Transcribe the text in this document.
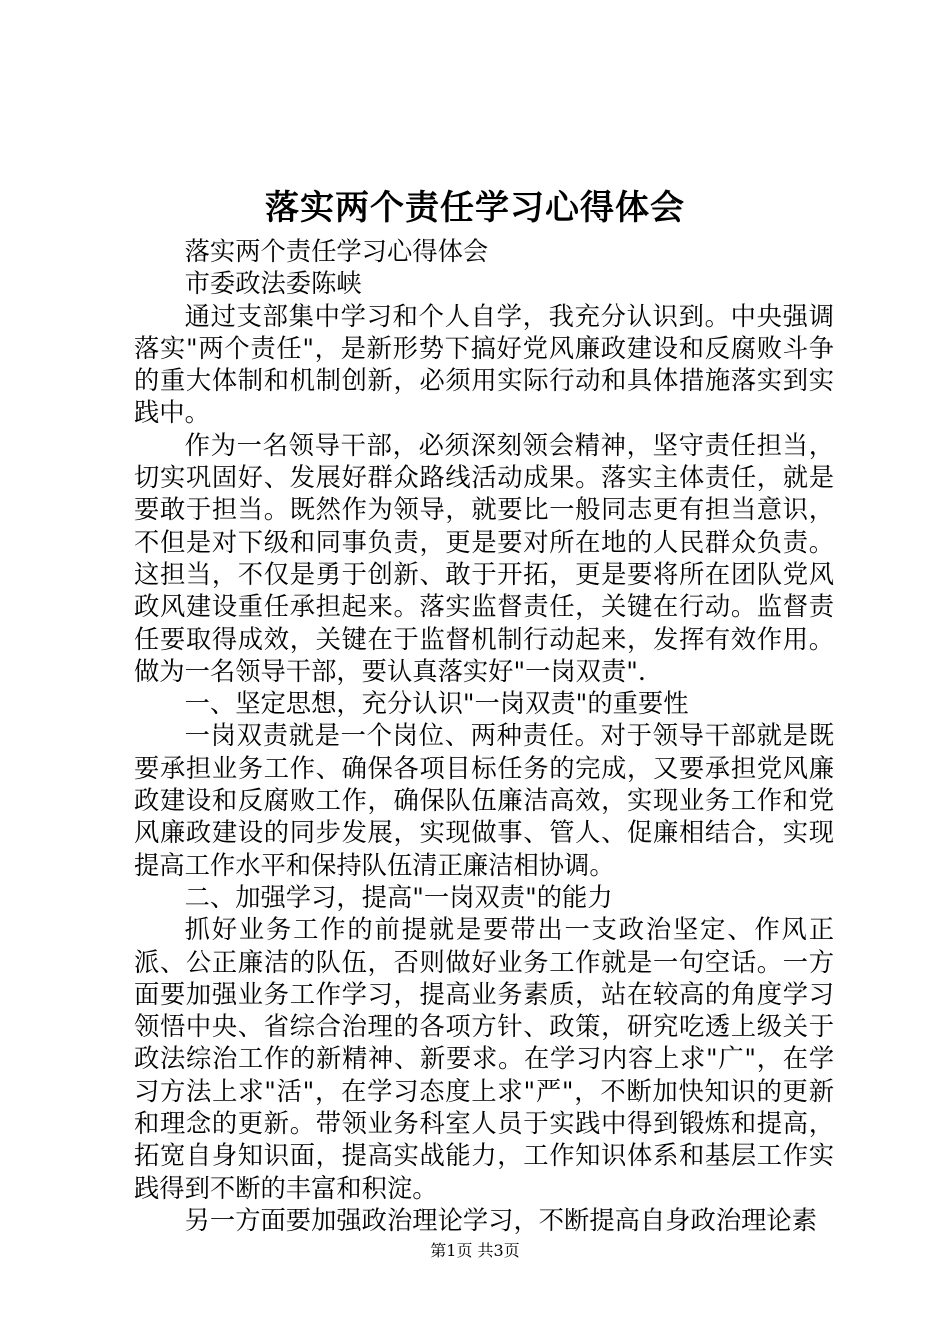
落实两个责任学习心得体会

落实两个责任学习心得体会

市委政法委陈峡

通过支部集中学习和个人自学，我充分认识到。中央强调落实"两个责任"，是新形势下搞好党风廉政建设和反腐败斗争的重大体制和机制创新，必须用实际行动和具体措施落实到实践中。

作为一名领导干部，必须深刻领会精神，坚守责任担当，切实巩固好、发展好群众路线活动成果。落实主体责任，就是要敢于担当。既然作为领导，就要比一般同志更有担当意识，不但是对下级和同事负责，更是要对所在地的人民群众负责。这担当，不仅是勇于创新、敢于开拓，更是要将所在团队党风政风建设重任承担起来。落实监督责任，关键在行动。监督责任要取得成效，关键在于监督机制行动起来，发挥有效作用。做为一名领导干部，要认真落实好"一岗双责".

一、坚定思想，充分认识"一岗双责"的重要性

一岗双责就是一个岗位、两种责任。对于领导干部就是既要承担业务工作、确保各项目标任务的完成，又要承担党风廉政建设和反腐败工作，确保队伍廉洁高效，实现业务工作和党风廉政建设的同步发展，实现做事、管人、促廉相结合，实现提高工作水平和保持队伍清正廉洁相协调。

二、加强学习，提高"一岗双责"的能力

抓好业务工作的前提就是要带出一支政治坚定、作风正派、公正廉洁的队伍，否则做好业务工作就是一句空话。一方面要加强业务工作学习，提高业务素质，站在较高的角度学习领悟中央、省综合治理的各项方针、政策，研究吃透上级关于政法综治工作的新精神、新要求。在学习内容上求"广"，在学习方法上求"活"，在学习态度上求"严"，不断加快知识的更新和理念的更新。带领业务科室人员于实践中得到锻炼和提高，拓宽自身知识面，提高实战能力，工作知识体系和基层工作实践得到不断的丰富和积淀。

另一方面要加强政治理论学习，不断提高自身政治理论素

第1页 共3页
